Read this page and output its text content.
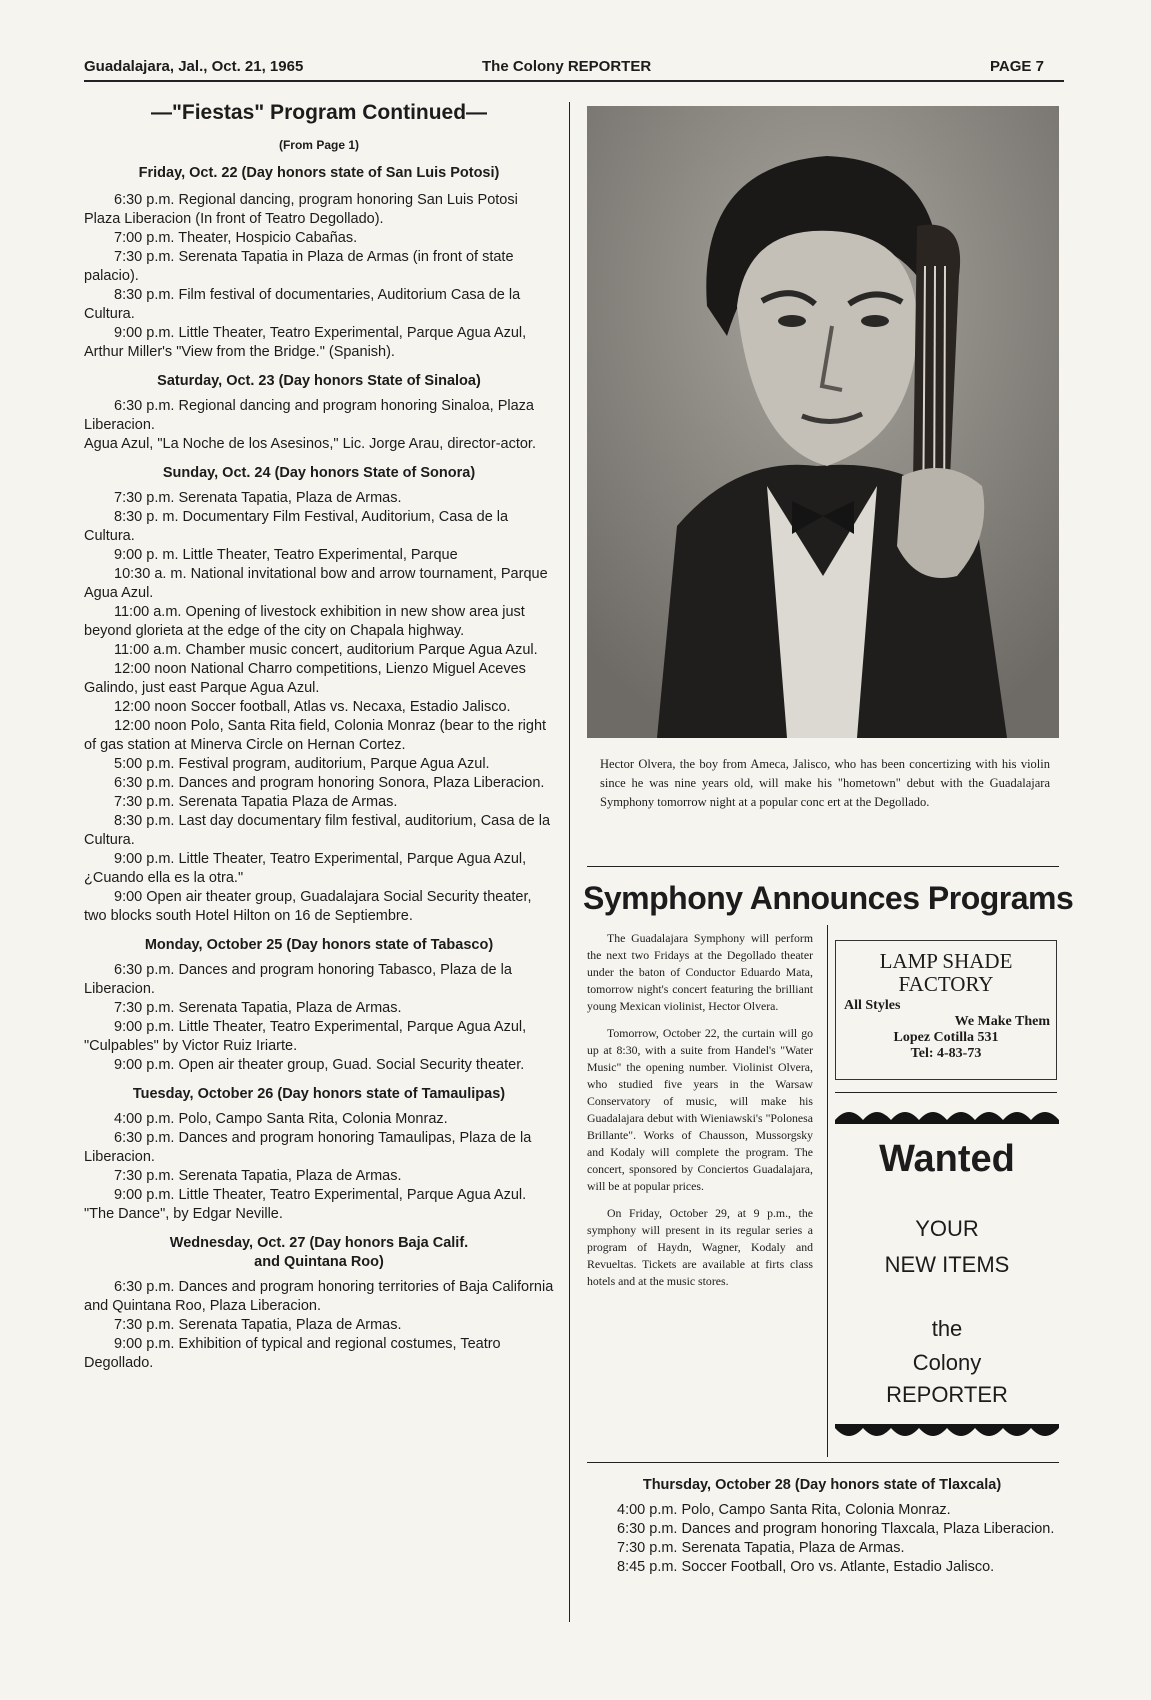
Guadalajara, Jal., Oct. 21, 1965	The Colony REPORTER	PAGE 7
—"Fiestas" Program Continued—
(From Page 1)

Friday, Oct. 22 (Day honors state of San Luis Potosi)

6:30 p.m. Regional dancing, program honoring San Luis Potosi Plaza Liberacion (In front of Teatro Degollado).

7:00 p.m. Theater, Hospicio Cabañas.

7:30 p.m. Serenata Tapatia in Plaza de Armas (in front of state palacio).

8:30 p.m. Film festival of documentaries, Auditorium Casa de la Cultura.

9:00 p.m. Little Theater, Teatro Experimental, Parque Agua Azul, Arthur Miller's "View from the Bridge." (Spanish).

Saturday, Oct. 23 (Day honors State of Sinaloa)

6:30 p.m. Regional dancing and program honoring Sinaloa, Plaza Liberacion.

Agua Azul, "La Noche de los Asesinos," Lic. Jorge Arau, director-actor.

Sunday, Oct. 24 (Day honors State of Sonora)

7:30 p.m. Serenata Tapatia, Plaza de Armas.

8:30 p. m. Documentary Film Festival, Auditorium, Casa de la Cultura.

9:00 p. m. Little Theater, Teatro Experimental, Parque

10:30 a. m. National invitational bow and arrow tournament, Parque Agua Azul.

11:00 a.m. Opening of livestock exhibition in new show area just beyond glorieta at the edge of the city on Chapala highway.

11:00 a.m. Chamber music concert, auditorium Parque Agua Azul.

12:00 noon National Charro competitions, Lienzo Miguel Aceves Galindo, just east Parque Agua Azul.

12:00 noon Soccer football, Atlas vs. Necaxa, Estadio Jalisco.

12:00 noon Polo, Santa Rita field, Colonia Monraz (bear to the right of gas station at Minerva Circle on Hernan Cortez.

5:00 p.m. Festival program, auditorium, Parque Agua Azul.

6:30 p.m. Dances and program honoring Sonora, Plaza Liberacion.

7:30 p.m. Serenata Tapatia Plaza de Armas.

8:30 p.m. Last day documentary film festival, auditorium, Casa de la Cultura.

9:00 p.m. Little Theater, Teatro Experimental, Parque Agua Azul, ¿Cuando ella es la otra."

9:00 Open air theater group, Guadalajara Social Security theater, two blocks south Hotel Hilton on 16 de Septiembre.

Monday, October 25 (Day honors state of Tabasco)

6:30 p.m. Dances and program honoring Tabasco, Plaza de la Liberacion.

7:30 p.m. Serenata Tapatia, Plaza de Armas.

9:00 p.m. Little Theater, Teatro Experimental, Parque Agua Azul, "Culpables" by Victor Ruiz Iriarte.

9:00 p.m. Open air theater group, Guad. Social Security theater.

Tuesday, October 26 (Day honors state of Tamaulipas)

4:00 p.m. Polo, Campo Santa Rita, Colonia Monraz.

6:30 p.m. Dances and program honoring Tamaulipas, Plaza de la Liberacion.

7:30 p.m. Serenata Tapatia, Plaza de Armas.

9:00 p.m. Little Theater, Teatro Experimental, Parque Agua Azul. "The Dance", by Edgar Neville.

Wednesday, Oct. 27 (Day honors Baja Calif.

and Quintana Roo)

6:30 p.m. Dances and program honoring territories of Baja California and Quintana Roo, Plaza Liberacion.

7:30 p.m. Serenata Tapatia, Plaza de Armas.

9:00 p.m. Exhibition of typical and regional costumes, Teatro Degollado.

Hector Olvera, the boy from Ameca, Jalisco, who has been concertizing with his violin since he was nine years old, will make his "hometown" debut with the Guadalajara Symphony tomorrow night at a popular conc ert at the Degollado.
Symphony Announces Programs

The Guadalajara Symphony will perform the next two Fridays at the Degollado theater under the baton of Conductor Eduardo Mata, tomorrow night's concert featuring the brilliant young Mexican violinist, Hector Olvera.

Tomorrow, October 22, the curtain will go up at 8:30, with a suite from Handel's "Water Music" the opening number. Violinist Olvera, who studied five years in the Warsaw Conservatory of music, will make his Guadalajara debut with Wieniawski's "Polonesa Brillante". Works of Chausson, Mussorgsky and Kodaly will complete the program. The concert, sponsored by Conciertos Guadalajara, will be at popular prices.

On Friday, October 29, at 9 p.m., the symphony will present in its regular series a program of Haydn, Wagner, Kodaly and Revueltas. Tickets are available at firts class hotels and at the music stores.

LAMP SHADE
FACTORY
All Styles
We Make Them
Lopez Cotilla 531
Tel: 4-83-73
Wanted
YOUR
NEW ITEMS
the
Colony
REPORTER

Thursday, October 28 (Day honors state of Tlaxcala)

4:00 p.m. Polo, Campo Santa Rita, Colonia Monraz.

6:30 p.m. Dances and program honoring Tlaxcala, Plaza Liberacion.

7:30 p.m. Serenata Tapatia, Plaza de Armas.

8:45 p.m. Soccer Football, Oro vs. Atlante, Estadio Jalisco.
